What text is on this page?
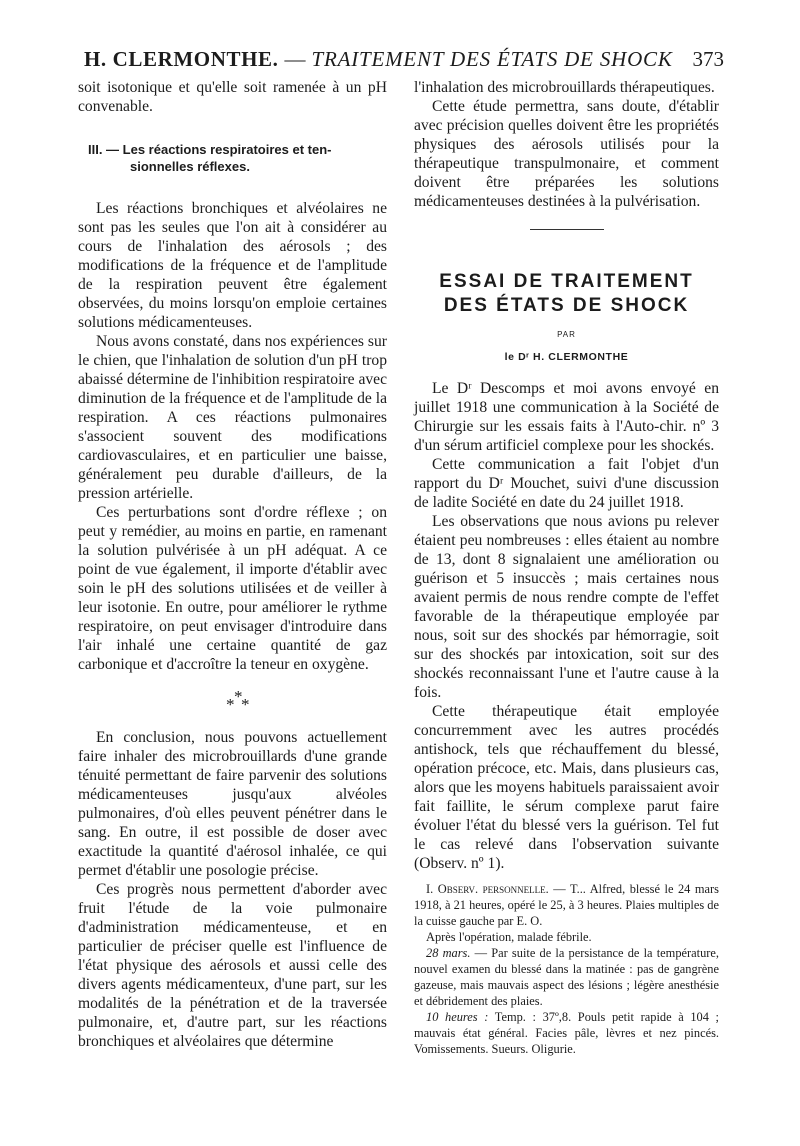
H. CLERMONTHE. — TRAITEMENT DES ÉTATS DE SHOCK 373

soit isotonique et qu'elle soit ramenée à un pH convenable.

III. — Les réactions respiratoires et ten-
sionnelles réflexes.

Les réactions bronchiques et alvéolaires ne sont pas les seules que l'on ait à considérer au cours de l'inhalation des aérosols ; des modifications de la fréquence et de l'amplitude de la respiration peuvent être également observées, du moins lorsqu'on emploie certaines solutions médicamenteuses.

Nous avons constaté, dans nos expériences sur le chien, que l'inhalation de solution d'un pH trop abaissé détermine de l'inhibition respiratoire avec diminution de la fréquence et de l'amplitude de la respiration. A ces réactions pulmonaires s'associent souvent des modifications cardiovasculaires, et en particulier une baisse, généralement peu durable d'ailleurs, de la pression artérielle.

Ces perturbations sont d'ordre réflexe ; on peut y remédier, au moins en partie, en ramenant la solution pulvérisée à un pH adéquat. A ce point de vue également, il importe d'établir avec soin le pH des solutions utilisées et de veiller à leur isotonie. En outre, pour améliorer le rythme respiratoire, on peut envisager d'introduire dans l'air inhalé une certaine quantité de gaz carbonique et d'accroître la teneur en oxygène.

* *
*

En conclusion, nous pouvons actuellement faire inhaler des microbrouillards d'une grande ténuité permettant de faire parvenir des solutions médicamenteuses jusqu'aux alvéoles pulmonaires, d'où elles peuvent pénétrer dans le sang. En outre, il est possible de doser avec exactitude la quantité d'aérosol inhalée, ce qui permet d'établir une posologie précise.

Ces progrès nous permettent d'aborder avec fruit l'étude de la voie pulmonaire d'administration médicamenteuse, et en particulier de préciser quelle est l'influence de l'état physique des aérosols et aussi celle des divers agents médicamenteux, d'une part, sur les modalités de la pénétration et de la traversée pulmonaire, et, d'autre part, sur les réactions bronchiques et alvéolaires que détermine

l'inhalation des microbrouillards thérapeutiques.

Cette étude permettra, sans doute, d'établir avec précision quelles doivent être les propriétés physiques des aérosols utilisés pour la thérapeutique transpulmonaire, et comment doivent être préparées les solutions médicamenteuses destinées à la pulvérisation.

ESSAI DE TRAITEMENT
DES ÉTATS DE SHOCK
PAR
le Dʳ H. CLERMONTHE

Le Dʳ Descomps et moi avons envoyé en juillet 1918 une communication à la Société de Chirurgie sur les essais faits à l'Auto-chir. nº 3 d'un sérum artificiel complexe pour les shockés.

Cette communication a fait l'objet d'un rapport du Dʳ Mouchet, suivi d'une discussion de ladite Société en date du 24 juillet 1918.

Les observations que nous avions pu relever étaient peu nombreuses : elles étaient au nombre de 13, dont 8 signalaient une amélioration ou guérison et 5 insuccès ; mais certaines nous avaient permis de nous rendre compte de l'effet favorable de la thérapeutique employée par nous, soit sur des shockés par hémorragie, soit sur des shockés par intoxication, soit sur des shockés reconnaissant l'une et l'autre cause à la fois.

Cette thérapeutique était employée concurremment avec les autres procédés antishock, tels que réchauffement du blessé, opération précoce, etc. Mais, dans plusieurs cas, alors que les moyens habituels paraissaient avoir fait faillite, le sérum complexe parut faire évoluer l'état du blessé vers la guérison. Tel fut le cas relevé dans l'observation suivante (Observ. nº 1).

I. Observ. personnelle. — T... Alfred, blessé le 24 mars 1918, à 21 heures, opéré le 25, à 3 heures. Plaies multiples de la cuisse gauche par E. O.

Après l'opération, malade fébrile.

28 mars. — Par suite de la persistance de la température, nouvel examen du blessé dans la matinée : pas de gangrène gazeuse, mais mauvais aspect des lésions ; légère anesthésie et débridement des plaies.

10 heures : Temp. : 37º,8. Pouls petit rapide à 104 ; mauvais état général. Facies pâle, lèvres et nez pincés. Vomissements. Sueurs. Oligurie.
